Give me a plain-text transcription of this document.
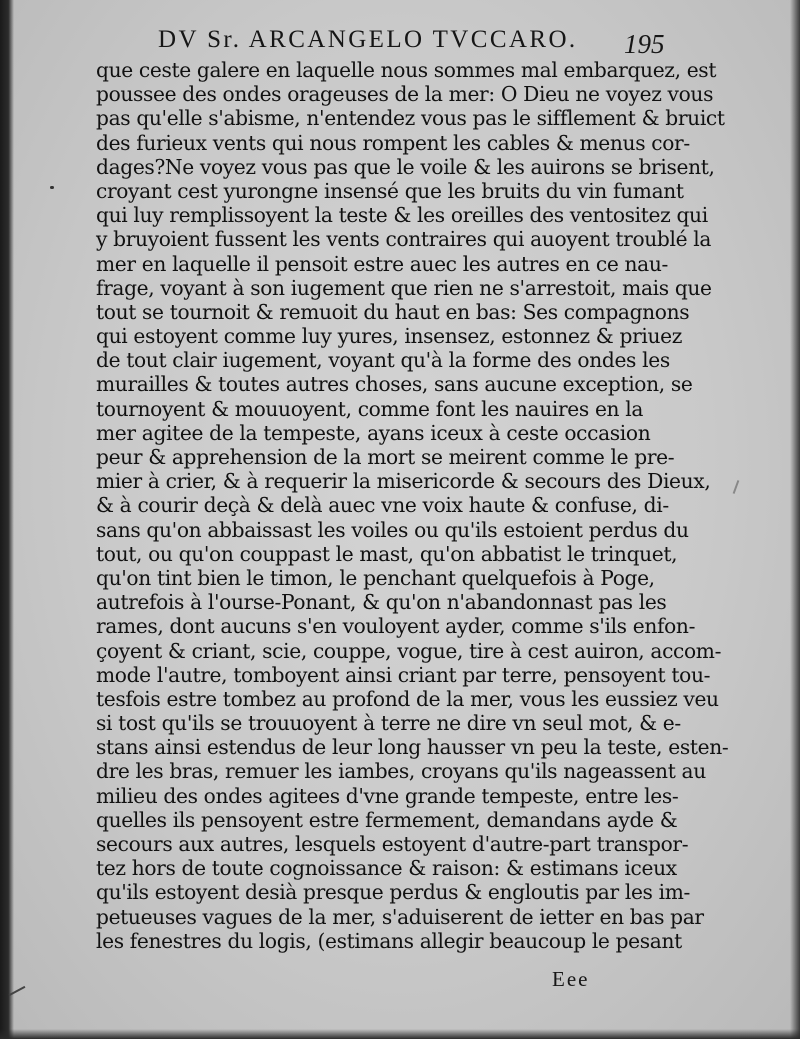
DV Sr. ARCANGELO TVCCARO. 195
que ceste galere en laquelle nous sommes mal embarquez, est
poussee des ondes orageuses de la mer: O Dieu ne voyez vous
pas qu'elle s'abisme, n'entendez vous pas le sifflement & bruict
des furieux vents qui nous rompent les cables & menus cor-
dages?Ne voyez vous pas que le voile & les auirons se brisent,
croyant cest yurongne insensé que les bruits du vin fumant
qui luy remplissoyent la teste & les oreilles des ventositez qui
y bruyoient fussent les vents contraires qui auoyent troublé la
mer en laquelle il pensoit estre auec les autres en ce nau-
frage, voyant à son iugement que rien ne s'arrestoit, mais que
tout se tournoit & remuoit du haut en bas: Ses compagnons
qui estoyent comme luy yures, insensez, estonnez & priuez
de tout clair iugement, voyant qu'à la forme des ondes les
murailles & toutes autres choses, sans aucune exception, se
tournoyent & mouuoyent, comme font les nauires en la
mer agitee de la tempeste, ayans iceux à ceste occasion
peur & apprehension de la mort se meirent comme le pre-
mier à crier, & à requerir la misericorde & secours des Dieux,
& à courir deçà & delà auec vne voix haute & confuse, di-
sans qu'on abbaissast les voiles ou qu'ils estoient perdus du
tout, ou qu'on couppast le mast, qu'on abbatist le trinquet,
qu'on tint bien le timon, le penchant quelquefois à Poge,
autrefois à l'ourse-Ponant, & qu'on n'abandonnast pas les
rames, dont aucuns s'en vouloyent ayder, comme s'ils enfon-
çoyent & criant, scie, couppe, vogue, tire à cest auiron, accom-
mode l'autre, tomboyent ainsi criant par terre, pensoyent tou-
tesfois estre tombez au profond de la mer, vous les eussiez veu
si tost qu'ils se trouuoyent à terre ne dire vn seul mot, & e-
stans ainsi estendus de leur long hausser vn peu la teste, esten-
dre les bras, remuer les iambes, croyans qu'ils nageassent au
milieu des ondes agitees d'vne grande tempeste, entre les-
quelles ils pensoyent estre fermement, demandans ayde &
secours aux autres, lesquels estoyent d'autre-part transpor-
tez hors de toute cognoissance & raison: & estimans iceux
qu'ils estoyent desià presque perdus & engloutis par les im-
petueuses vagues de la mer, s'aduiserent de ietter en bas par
les fenestres du logis, (estimans allegir beaucoup le pesant
Eee
